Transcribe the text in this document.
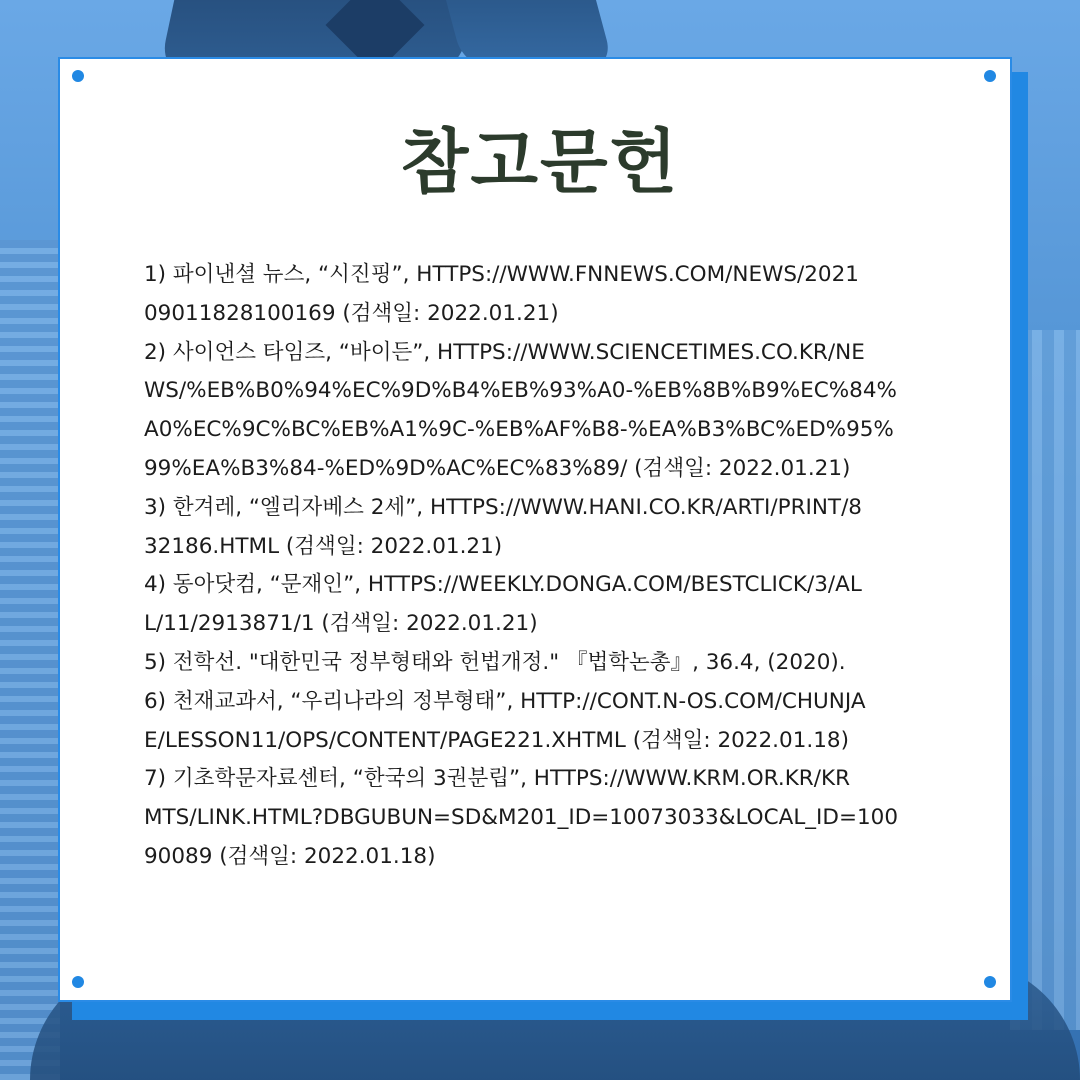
참고문헌
1) 파이낸셜 뉴스, “시진핑”, HTTPS://WWW.FNNEWS.COM/NEWS/2021
09011828100169 (검색일: 2022.01.21)
2) 사이언스 타임즈, “바이든”, HTTPS://WWW.SCIENCETIMES.CO.KR/NE
WS/%EB%B0%94%EC%9D%B4%EB%93%A0-%EB%8B%B9%EC%84%
A0%EC%9C%BC%EB%A1%9C-%EB%AF%B8-%EA%B3%BC%ED%95%
99%EA%B3%84-%ED%9D%AC%EC%83%89/ (검색일: 2022.01.21)
3) 한겨레, “엘리자베스 2세”, HTTPS://WWW.HANI.CO.KR/ARTI/PRINT/8
32186.HTML (검색일: 2022.01.21)
4) 동아닷컴, “문재인”, HTTPS://WEEKLY.DONGA.COM/BESTCLICK/3/AL
L/11/2913871/1 (검색일: 2022.01.21)
5) 전학선. "대한민국 정부형태와 헌법개정." 『법학논총』, 36.4, (2020).
6) 천재교과서, “우리나라의 정부형태”, HTTP://CONT.N-OS.COM/CHUNJA
E/LESSON11/OPS/CONTENT/PAGE221.XHTML (검색일: 2022.01.18)
7) 기초학문자료센터, “한국의 3권분립”, HTTPS://WWW.KRM.OR.KR/KR
MTS/LINK.HTML?DBGUBUN=SD&M201_ID=10073033&LOCAL_ID=100
90089 (검색일: 2022.01.18)
